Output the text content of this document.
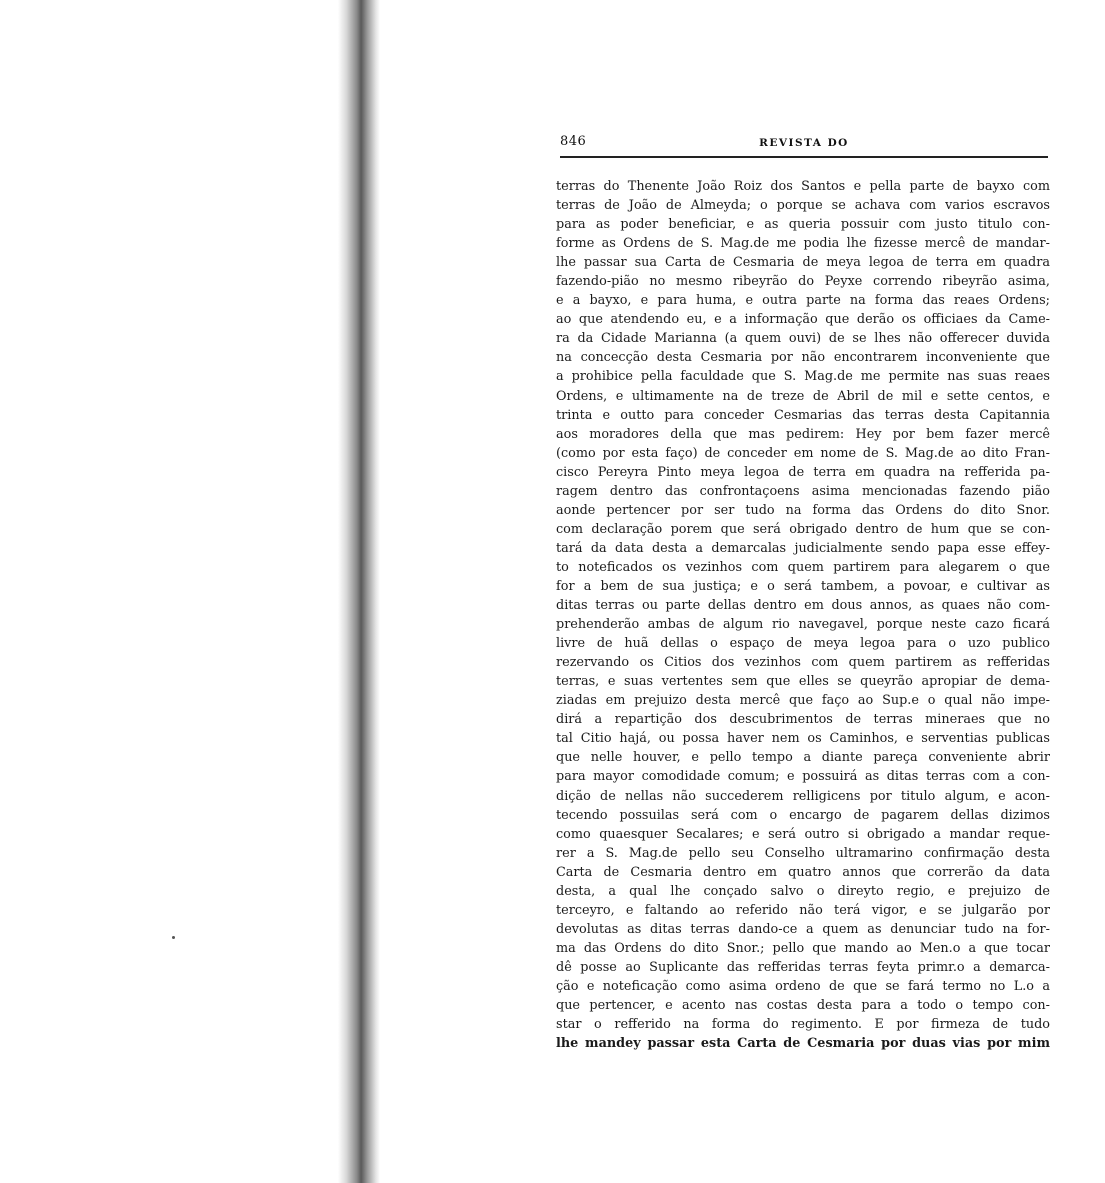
846	REVISTA DO
terras do Thenente João Roiz dos Santos e pella parte de bayxo com
terras de João de Almeyda; o porque se achava com varios escravos
para as poder beneficiar, e as queria possuir com justo titulo con-
forme as Ordens de S. Mag.de me podia lhe fizesse mercê de mandar-
lhe passar sua Carta de Cesmaria de meya legoa de terra em quadra
fazendo-pião no mesmo ribeyrão do Peyxe correndo ribeyrão asima,
e a bayxo, e para huma, e outra parte na forma das reaes Ordens;
ao que atendendo eu, e a informação que derão os officiaes da Came-
ra da Cidade Marianna (a quem ouvi) de se lhes não offerecer duvida
na concecção desta Cesmaria por não encontrarem inconveniente que
a prohibice pella faculdade que S. Mag.de me permite nas suas reaes
Ordens, e ultimamente na de treze de Abril de mil e sette centos, e
trinta e outto para conceder Cesmarias das terras desta Capitannia
aos moradores della que mas pedirem: Hey por bem fazer mercê
(como por esta faço) de conceder em nome de S. Mag.de ao dito Fran-
cisco Pereyra Pinto meya legoa de terra em quadra na refferida pa-
ragem dentro das confrontaçoens asima mencionadas fazendo pião
aonde pertencer por ser tudo na forma das Ordens do dito Snor.
com declaração porem que será obrigado dentro de hum que se con-
tará da data desta a demarcalas judicialmente sendo papa esse effey-
to noteficados os vezinhos com quem partirem para alegarem o que
for a bem de sua justiça; e o será tambem, a povoar, e cultivar as
ditas terras ou parte dellas dentro em dous annos, as quaes não com-
prehenderão ambas de algum rio navegavel, porque neste cazo ficará
livre de huã dellas o espaço de meya legoa para o uzo publico
rezervando os Citios dos vezinhos com quem partirem as refferidas
terras, e suas vertentes sem que elles se queyrão apropiar de dema-
ziadas em prejuizo desta mercê que faço ao Sup.e o qual não impe-
dirá a repartição dos descubrimentos de terras mineraes que no
tal Citio hajá, ou possa haver nem os Caminhos, e serventias publicas
que nelle houver, e pello tempo a diante pareça conveniente abrir
para mayor comodidade comum; e possuirá as ditas terras com a con-
dição de nellas não succederem relligicens por titulo algum, e acon-
tecendo possuilas será com o encargo de pagarem dellas dizimos
como quaesquer Secalares; e será outro si obrigado a mandar reque-
rer a S. Mag.de pello seu Conselho ultramarino confirmação desta
Carta de Cesmaria dentro em quatro annos que correrão da data
desta, a qual lhe conçado salvo o direyto regio, e prejuizo de
terceyro, e faltando ao referido não terá vigor, e se julgarão por
devolutas as ditas terras dando-ce a quem as denunciar tudo na for-
ma das Ordens do dito Snor.; pello que mando ao Men.o a que tocar
dê posse ao Suplicante das refferidas terras feyta primr.o a demarca-
ção e noteficação como asima ordeno de que se fará termo no L.o a
que pertencer, e acento nas costas desta para a todo o tempo con-
star o refferido na forma do regimento. E por firmeza de tudo
lhe mandey passar esta Carta de Cesmaria por duas vias por mim
